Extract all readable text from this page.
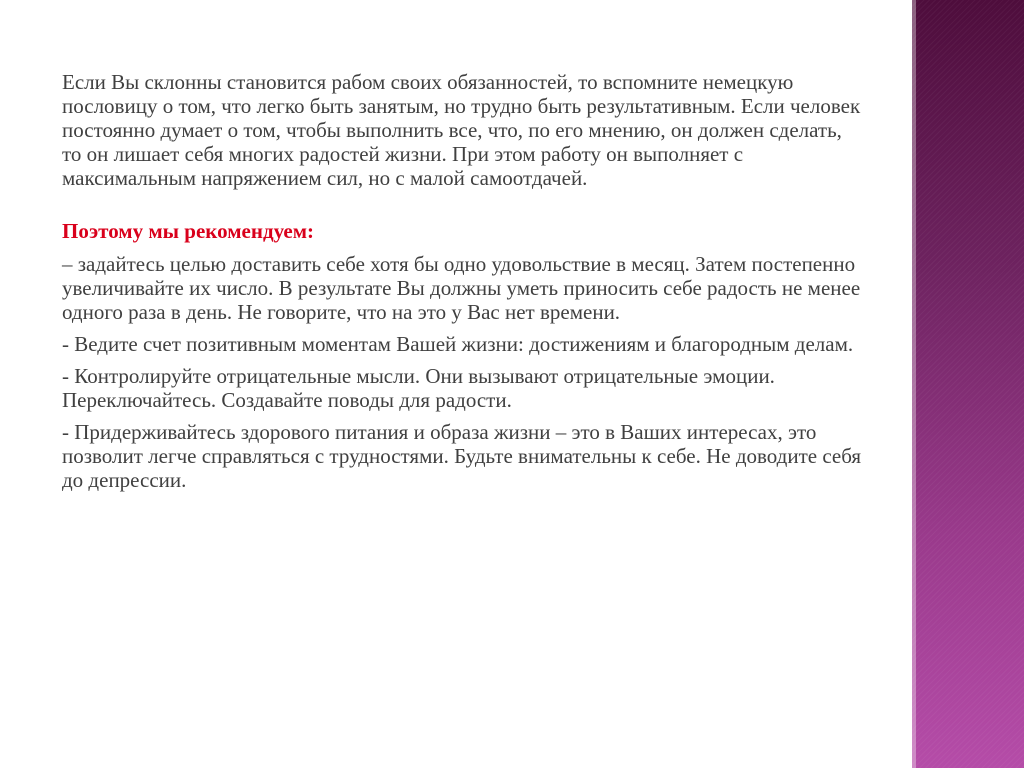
Если Вы склонны становится рабом своих обязанностей, то вспомните немецкую пословицу о том, что легко быть занятым, но трудно быть результативным. Если человек постоянно думает о том, чтобы выполнить все, что, по его мнению, он должен сделать, то он лишает себя многих радостей жизни. При этом работу он выполняет с максимальным напряжением сил, но с малой самоотдачей.

Поэтому мы рекомендуем:

– задайтесь целью доставить себе хотя бы одно удовольствие в месяц. Затем постепенно увеличивайте их число. В результате Вы должны уметь приносить себе радость не менее одного раза в день. Не говорите, что на это у Вас нет времени.

- Ведите счет позитивным моментам Вашей жизни: достижениям и благородным делам.

- Контролируйте отрицательные мысли. Они вызывают отрицательные эмоции. Переключайтесь. Создавайте поводы для радости.

- Придерживайтесь здорового питания и образа жизни – это в Ваших интересах, это позволит легче справляться с трудностями. Будьте внимательны к себе. Не доводите себя до депрессии.
